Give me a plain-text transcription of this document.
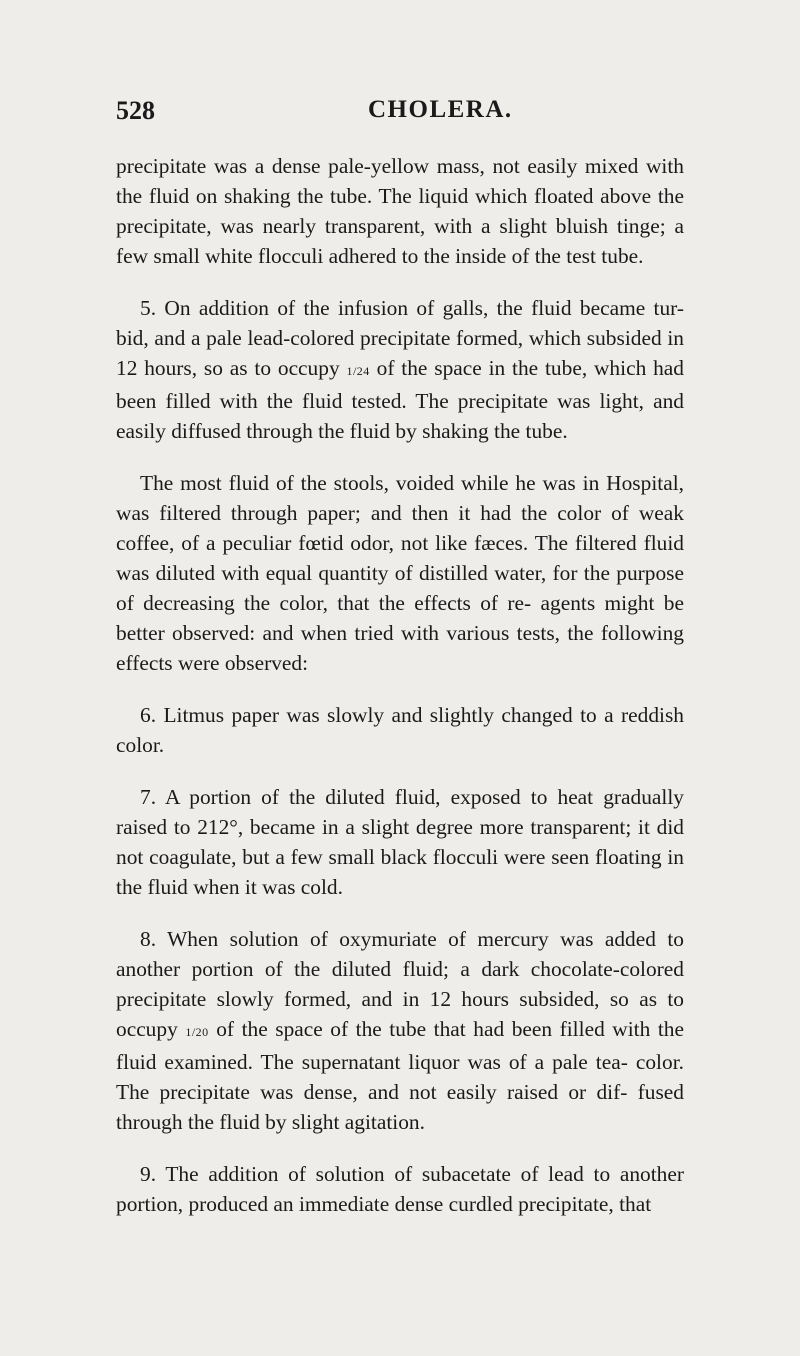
528	CHOLERA.

precipitate was a dense pale-yellow mass, not easily mixed with the fluid on shaking the tube. The liquid which floated above the precipitate, was nearly transparent, with a slight bluish tinge; a few small white flocculi adhered to the inside of the test tube.

5. On addition of the infusion of galls, the fluid became tur- bid, and a pale lead-colored precipitate formed, which subsided in 12 hours, so as to occupy 1/24 of the space in the tube, which had been filled with the fluid tested. The precipitate was light, and easily diffused through the fluid by shaking the tube.

The most fluid of the stools, voided while he was in Hospital, was filtered through paper; and then it had the color of weak coffee, of a peculiar fœtid odor, not like fæces. The filtered fluid was diluted with equal quantity of distilled water, for the purpose of decreasing the color, that the effects of re- agents might be better observed: and when tried with various tests, the following effects were observed:

6. Litmus paper was slowly and slightly changed to a reddish color.

7. A portion of the diluted fluid, exposed to heat gradually raised to 212°, became in a slight degree more transparent; it did not coagulate, but a few small black flocculi were seen floating in the fluid when it was cold.

8. When solution of oxymuriate of mercury was added to another portion of the diluted fluid; a dark chocolate-colored precipitate slowly formed, and in 12 hours subsided, so as to occupy 1/20 of the space of the tube that had been filled with the fluid examined. The supernatant liquor was of a pale tea- color. The precipitate was dense, and not easily raised or dif- fused through the fluid by slight agitation.

9. The addition of solution of subacetate of lead to another portion, produced an immediate dense curdled precipitate, that
